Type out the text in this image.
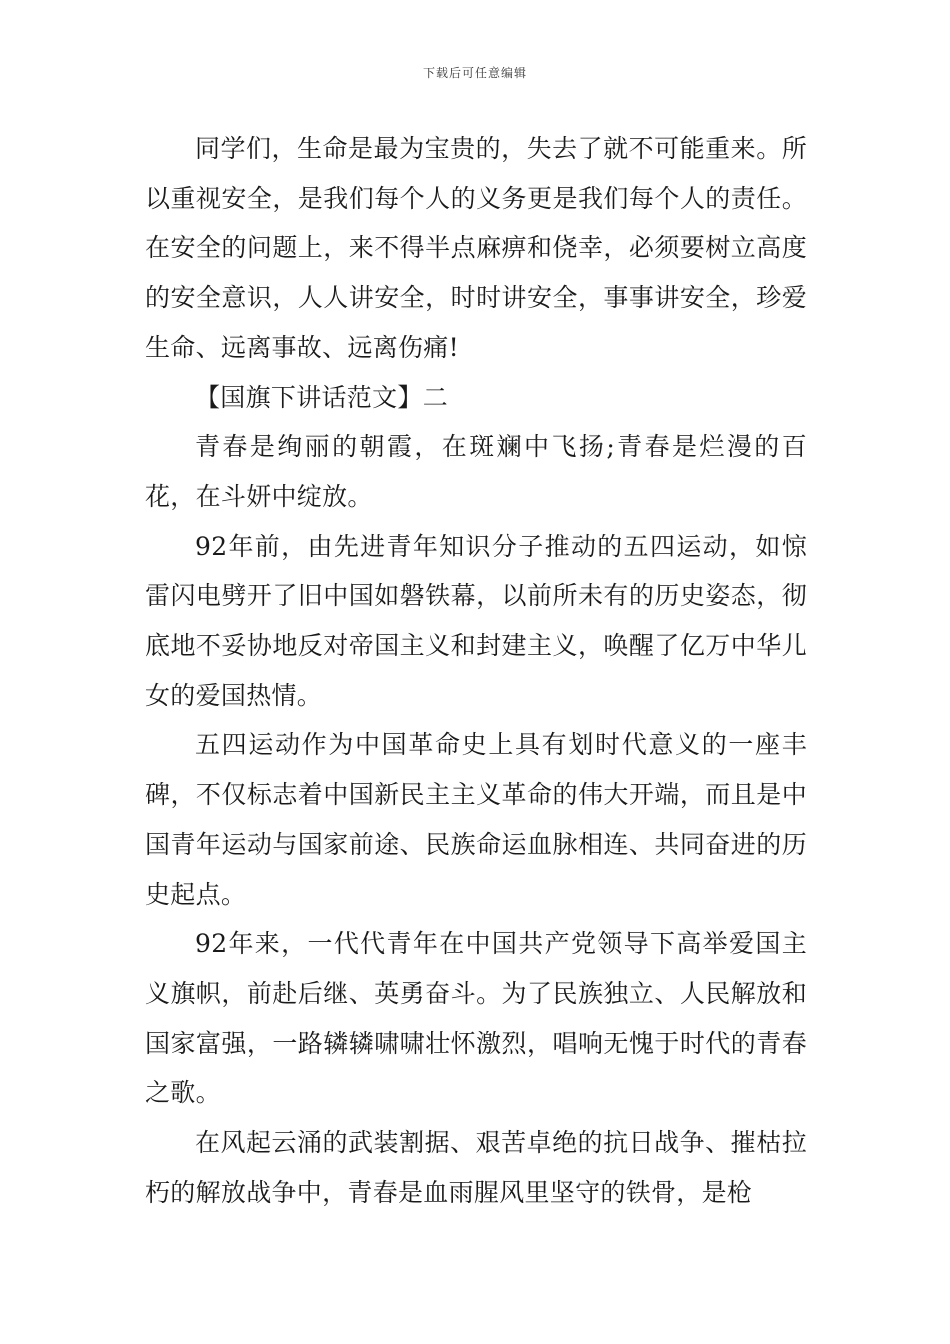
下载后可任意编辑

同学们，生命是最为宝贵的，失去了就不可能重来。所以重视安全，是我们每个人的义务更是我们每个人的责任。在安全的问题上，来不得半点麻痹和侥幸，必须要树立高度的安全意识，人人讲安全，时时讲安全，事事讲安全，珍爱生命、远离事故、远离伤痛!

【国旗下讲话范文】二

青春是绚丽的朝霞，在斑斓中飞扬;青春是烂漫的百花，在斗妍中绽放。

92年前，由先进青年知识分子推动的五四运动，如惊雷闪电劈开了旧中国如磐铁幕，以前所未有的历史姿态，彻底地不妥协地反对帝国主义和封建主义，唤醒了亿万中华儿女的爱国热情。

五四运动作为中国革命史上具有划时代意义的一座丰碑，不仅标志着中国新民主主义革命的伟大开端，而且是中国青年运动与国家前途、民族命运血脉相连、共同奋进的历史起点。

92年来，一代代青年在中国共产党领导下高举爱国主义旗帜，前赴后继、英勇奋斗。为了民族独立、人民解放和国家富强，一路辚辚啸啸壮怀激烈，唱响无愧于时代的青春之歌。

在风起云涌的武装割据、艰苦卓绝的抗日战争、摧枯拉朽的解放战争中，青春是血雨腥风里坚守的铁骨，是枪
